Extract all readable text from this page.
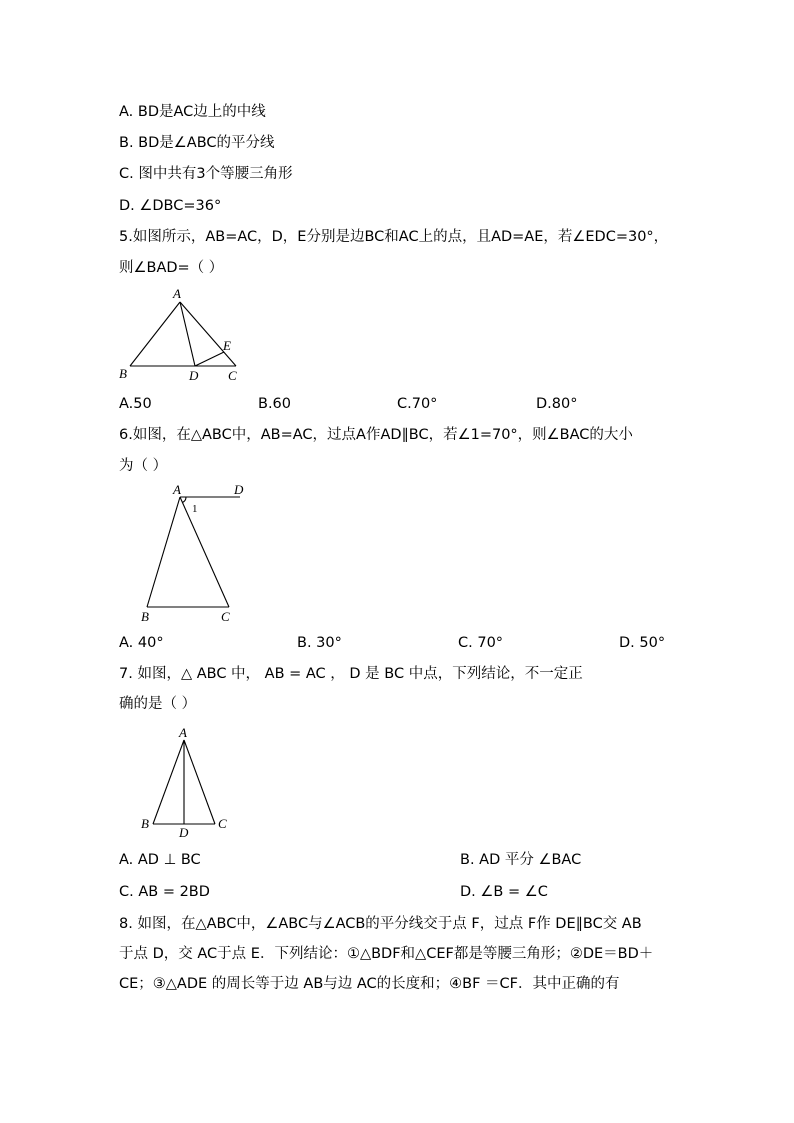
A. BD是AC边上的中线
B. BD是∠ABC的平分线
C. 图中共有3个等腰三角形
D. ∠DBC=36°
5.如图所示，AB=AC，D，E分别是边BC和AC上的点，且AD=AE，若∠EDC=30°，
则∠BAD=（ ）
A
B	C
D
E
A.50	B.60	C.70°	D.80°
6.如图，在△ABC中，AB=AC，过点A作AD∥BC，若∠1=70°，则∠BAC的大小
为（ ）
A	D
1
B	C
A. 40°	B. 30°	C. 70°	D. 50°
7. 如图，△ ABC 中， AB = AC ， D 是 BC 中点，下列结论，不一定正
确的是（ ）
A
B	C
D
A. AD ⊥ BC	B. AD 平分 ∠BAC
C. AB = 2BD	D. ∠B = ∠C
8. 如图，在△ABC中，∠ABC与∠ACB的平分线交于点 F，过点 F作 DE∥BC交 AB
于点 D，交 AC于点 E．下列结论：①△BDF和△CEF都是等腰三角形；②DE＝BD＋
CE；③△ADE 的周长等于边 AB与边 AC的长度和；④BF ＝CF．其中正确的有
